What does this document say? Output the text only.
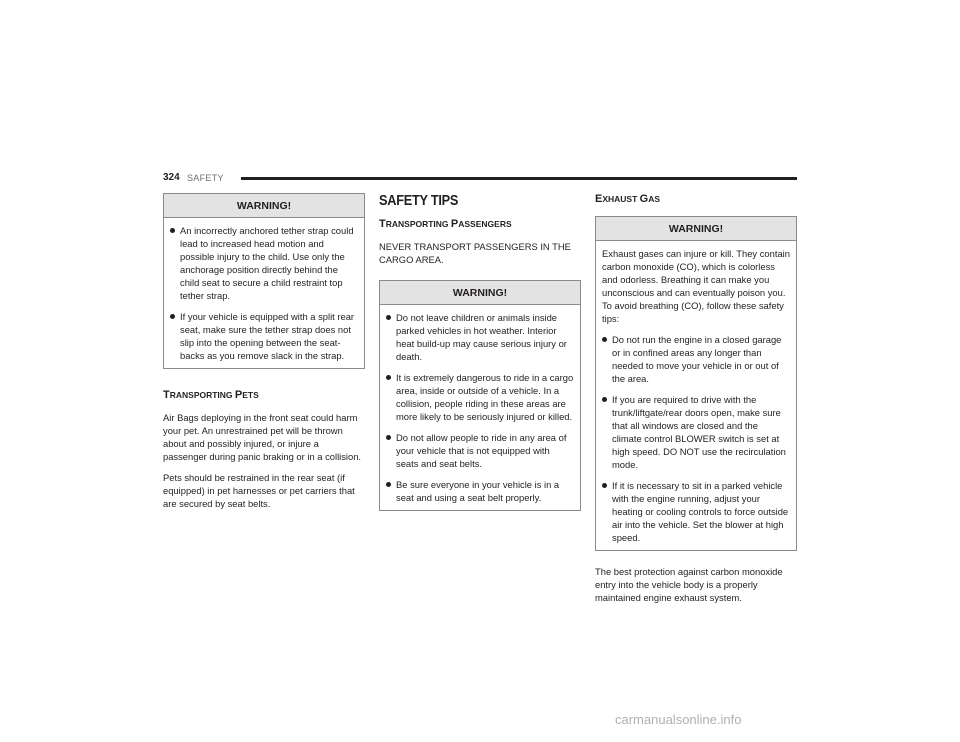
324 SAFETY
WARNING!
An incorrectly anchored tether strap could lead to increased head motion and possible injury to the child. Use only the anchorage position directly behind the child seat to secure a child restraint top tether strap.
If your vehicle is equipped with a split rear seat, make sure the tether strap does not slip into the opening between the seat-backs as you remove slack in the strap.
TRANSPORTING PETS

Air Bags deploying in the front seat could harm your pet. An unrestrained pet will be thrown about and possibly injured, or injure a passenger during panic braking or in a collision.

Pets should be restrained in the rear seat (if equipped) in pet harnesses or pet carriers that are secured by seat belts.

SAFETY TIPS
TRANSPORTING PASSENGERS

NEVER TRANSPORT PASSENGERS IN THE CARGO AREA.

WARNING!
Do not leave children or animals inside parked vehicles in hot weather. Interior heat build-up may cause serious injury or death.
It is extremely dangerous to ride in a cargo area, inside or outside of a vehicle. In a collision, people riding in these areas are more likely to be seriously injured or killed.
Do not allow people to ride in any area of your vehicle that is not equipped with seats and seat belts.
Be sure everyone in your vehicle is in a seat and using a seat belt properly.
EXHAUST GAS
WARNING!

Exhaust gases can injure or kill. They contain carbon monoxide (CO), which is colorless and odorless. Breathing it can make you unconscious and can eventually poison you. To avoid breathing (CO), follow these safety tips:

Do not run the engine in a closed garage or in confined areas any longer than needed to move your vehicle in or out of the area.
If you are required to drive with the trunk/liftgate/rear doors open, make sure that all windows are closed and the climate control BLOWER switch is set at high speed. DO NOT use the recirculation mode.
If it is necessary to sit in a parked vehicle with the engine running, adjust your heating or cooling controls to force outside air into the vehicle. Set the blower at high speed.

The best protection against carbon monoxide entry into the vehicle body is a properly maintained engine exhaust system.

carmanualsonline.info
